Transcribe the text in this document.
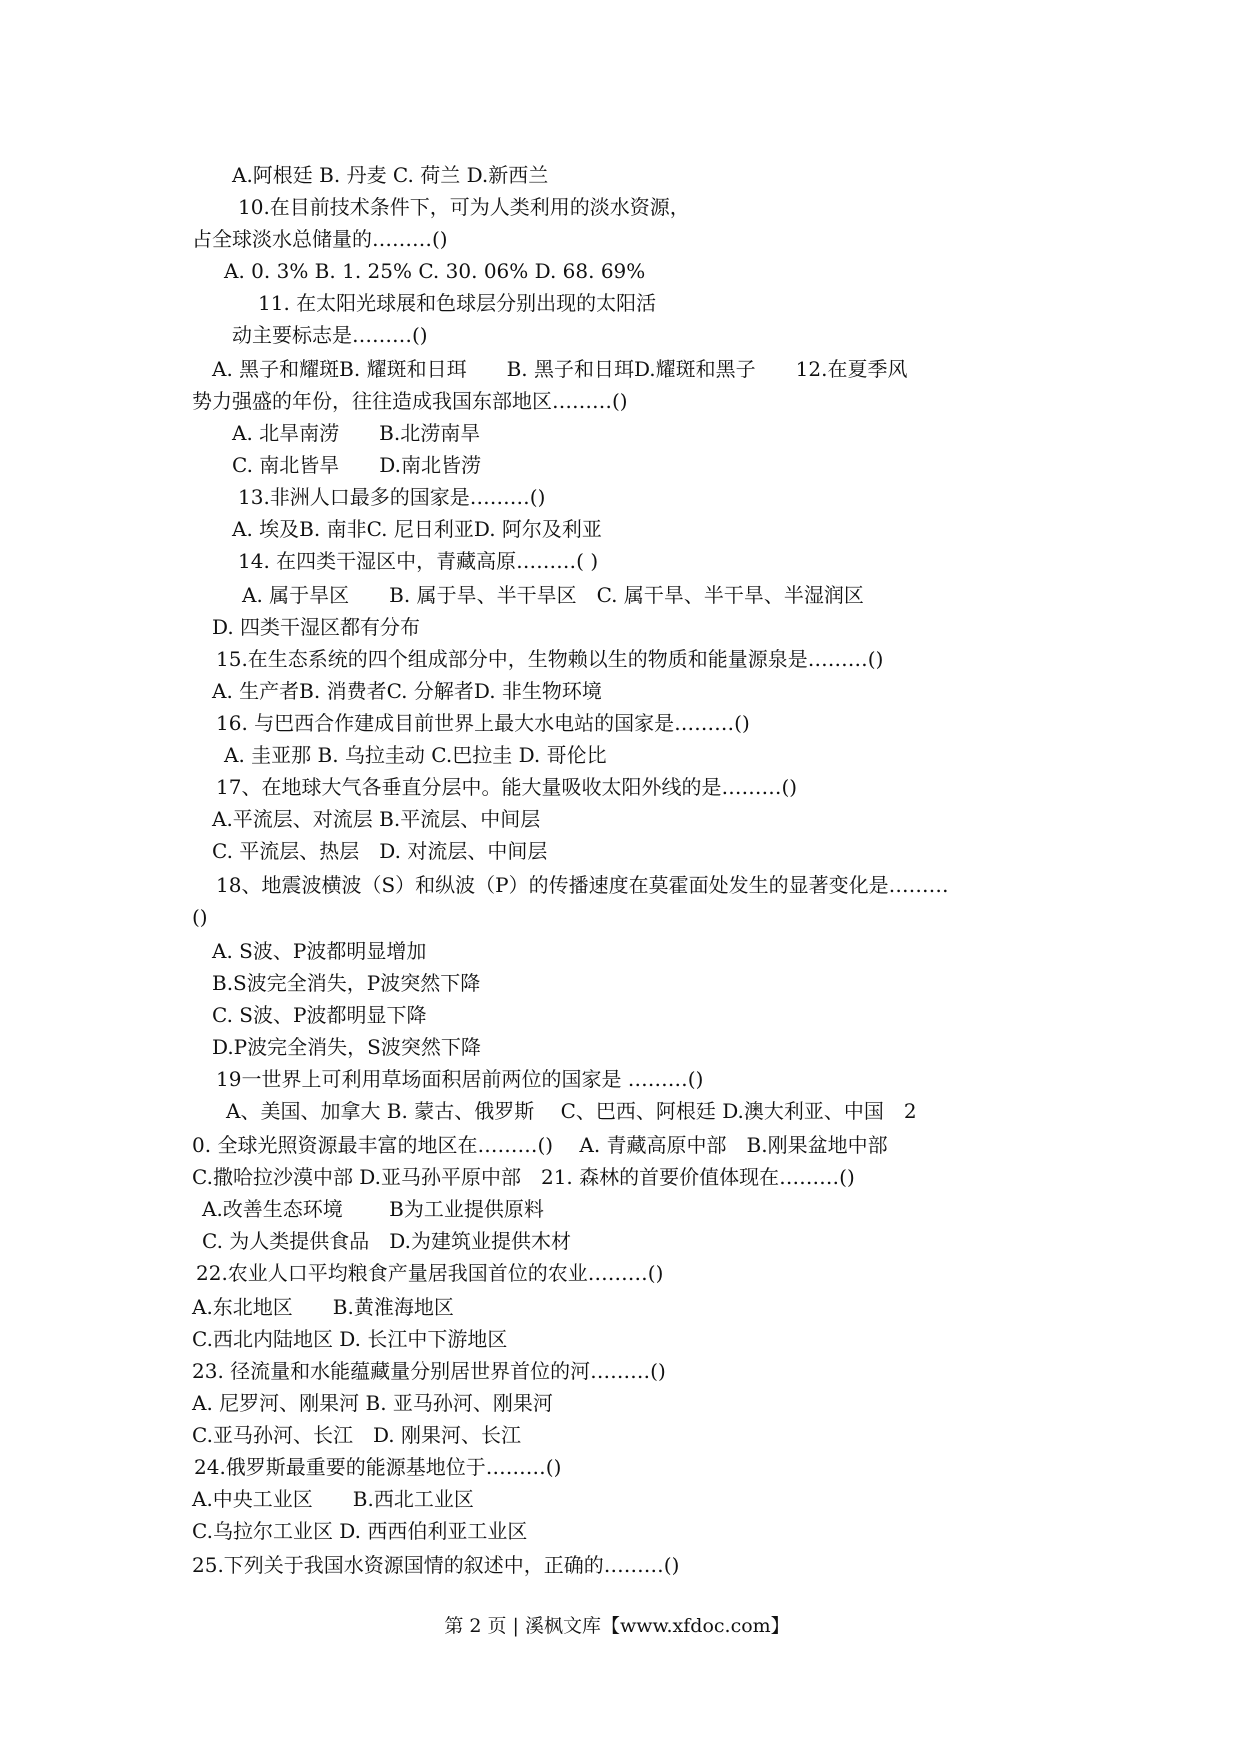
A.阿根廷 B. 丹麦 C. 荷兰 D.新西兰
10.在目前技术条件下，可为人类利用的淡水资源，
占全球淡水总储量的………()
A. 0. 3% B. 1. 25% C. 30. 06% D. 68. 69%
11. 在太阳光球展和色球层分别出现的太阳活
动主要标志是………()
A. 黑子和耀斑B. 耀斑和日珥　　B. 黑子和日珥D.耀斑和黑子　　12.在夏季风
势力强盛的年份，往往造成我国东部地区………()
A. 北旱南涝　　B.北涝南旱
C. 南北皆旱　　D.南北皆涝
13.非洲人口最多的国家是………()
A. 埃及B. 南非C. 尼日利亚D. 阿尔及利亚
14. 在四类干湿区中，青藏高原………( )
A. 属于旱区　　B. 属于旱、半干旱区　C. 属干旱、半干旱、半湿润区
D. 四类干湿区都有分布
15.在生态系统的四个组成部分中，生物赖以生的物质和能量源泉是………()
A. 生产者B. 消费者C. 分解者D. 非生物环境
16. 与巴西合作建成目前世界上最大水电站的国家是………()
A. 圭亚那 B. 乌拉圭动 C.巴拉圭 D. 哥伦比
17、在地球大气各垂直分层中。能大量吸收太阳外线的是………()
A.平流层、对流层 B.平流层、中间层
C. 平流层、热层　D. 对流层、中间层
18、地震波横波（S）和纵波（P）的传播速度在莫霍面处发生的显著变化是………
()
A. S波、P波都明显增加
B.S波完全消失，P波突然下降
C. S波、P波都明显下降
D.P波完全消失，S波突然下降
19一世界上可利用草场面积居前两位的国家是 ………()
A、美国、加拿大 B. 蒙古、俄罗斯　 C、巴西、阿根廷 D.澳大利亚、中国　2
0. 全球光照资源最丰富的地区在………()　 A. 青藏高原中部　B.刚果盆地中部
C.撒哈拉沙漠中部 D.亚马孙平原中部　21. 森林的首要价值体现在………()
A.改善生态环境　　 B为工业提供原料
C. 为人类提供食品　D.为建筑业提供木材
22.农业人口平均粮食产量居我国首位的农业………()
A.东北地区　　B.黄淮海地区
C.西北内陆地区 D. 长江中下游地区
23. 径流量和水能蕴藏量分别居世界首位的河………()
A. 尼罗河、刚果河 B. 亚马孙河、刚果河
C.亚马孙河、长江　D. 刚果河、长江
24.俄罗斯最重要的能源基地位于………()
A.中央工业区　　B.西北工业区
C.乌拉尔工业区 D. 西西伯利亚工业区
25.下列关于我国水资源国情的叙述中，正确的………()
第 2 页 | 溪枫文库【www.xfdoc.com】
